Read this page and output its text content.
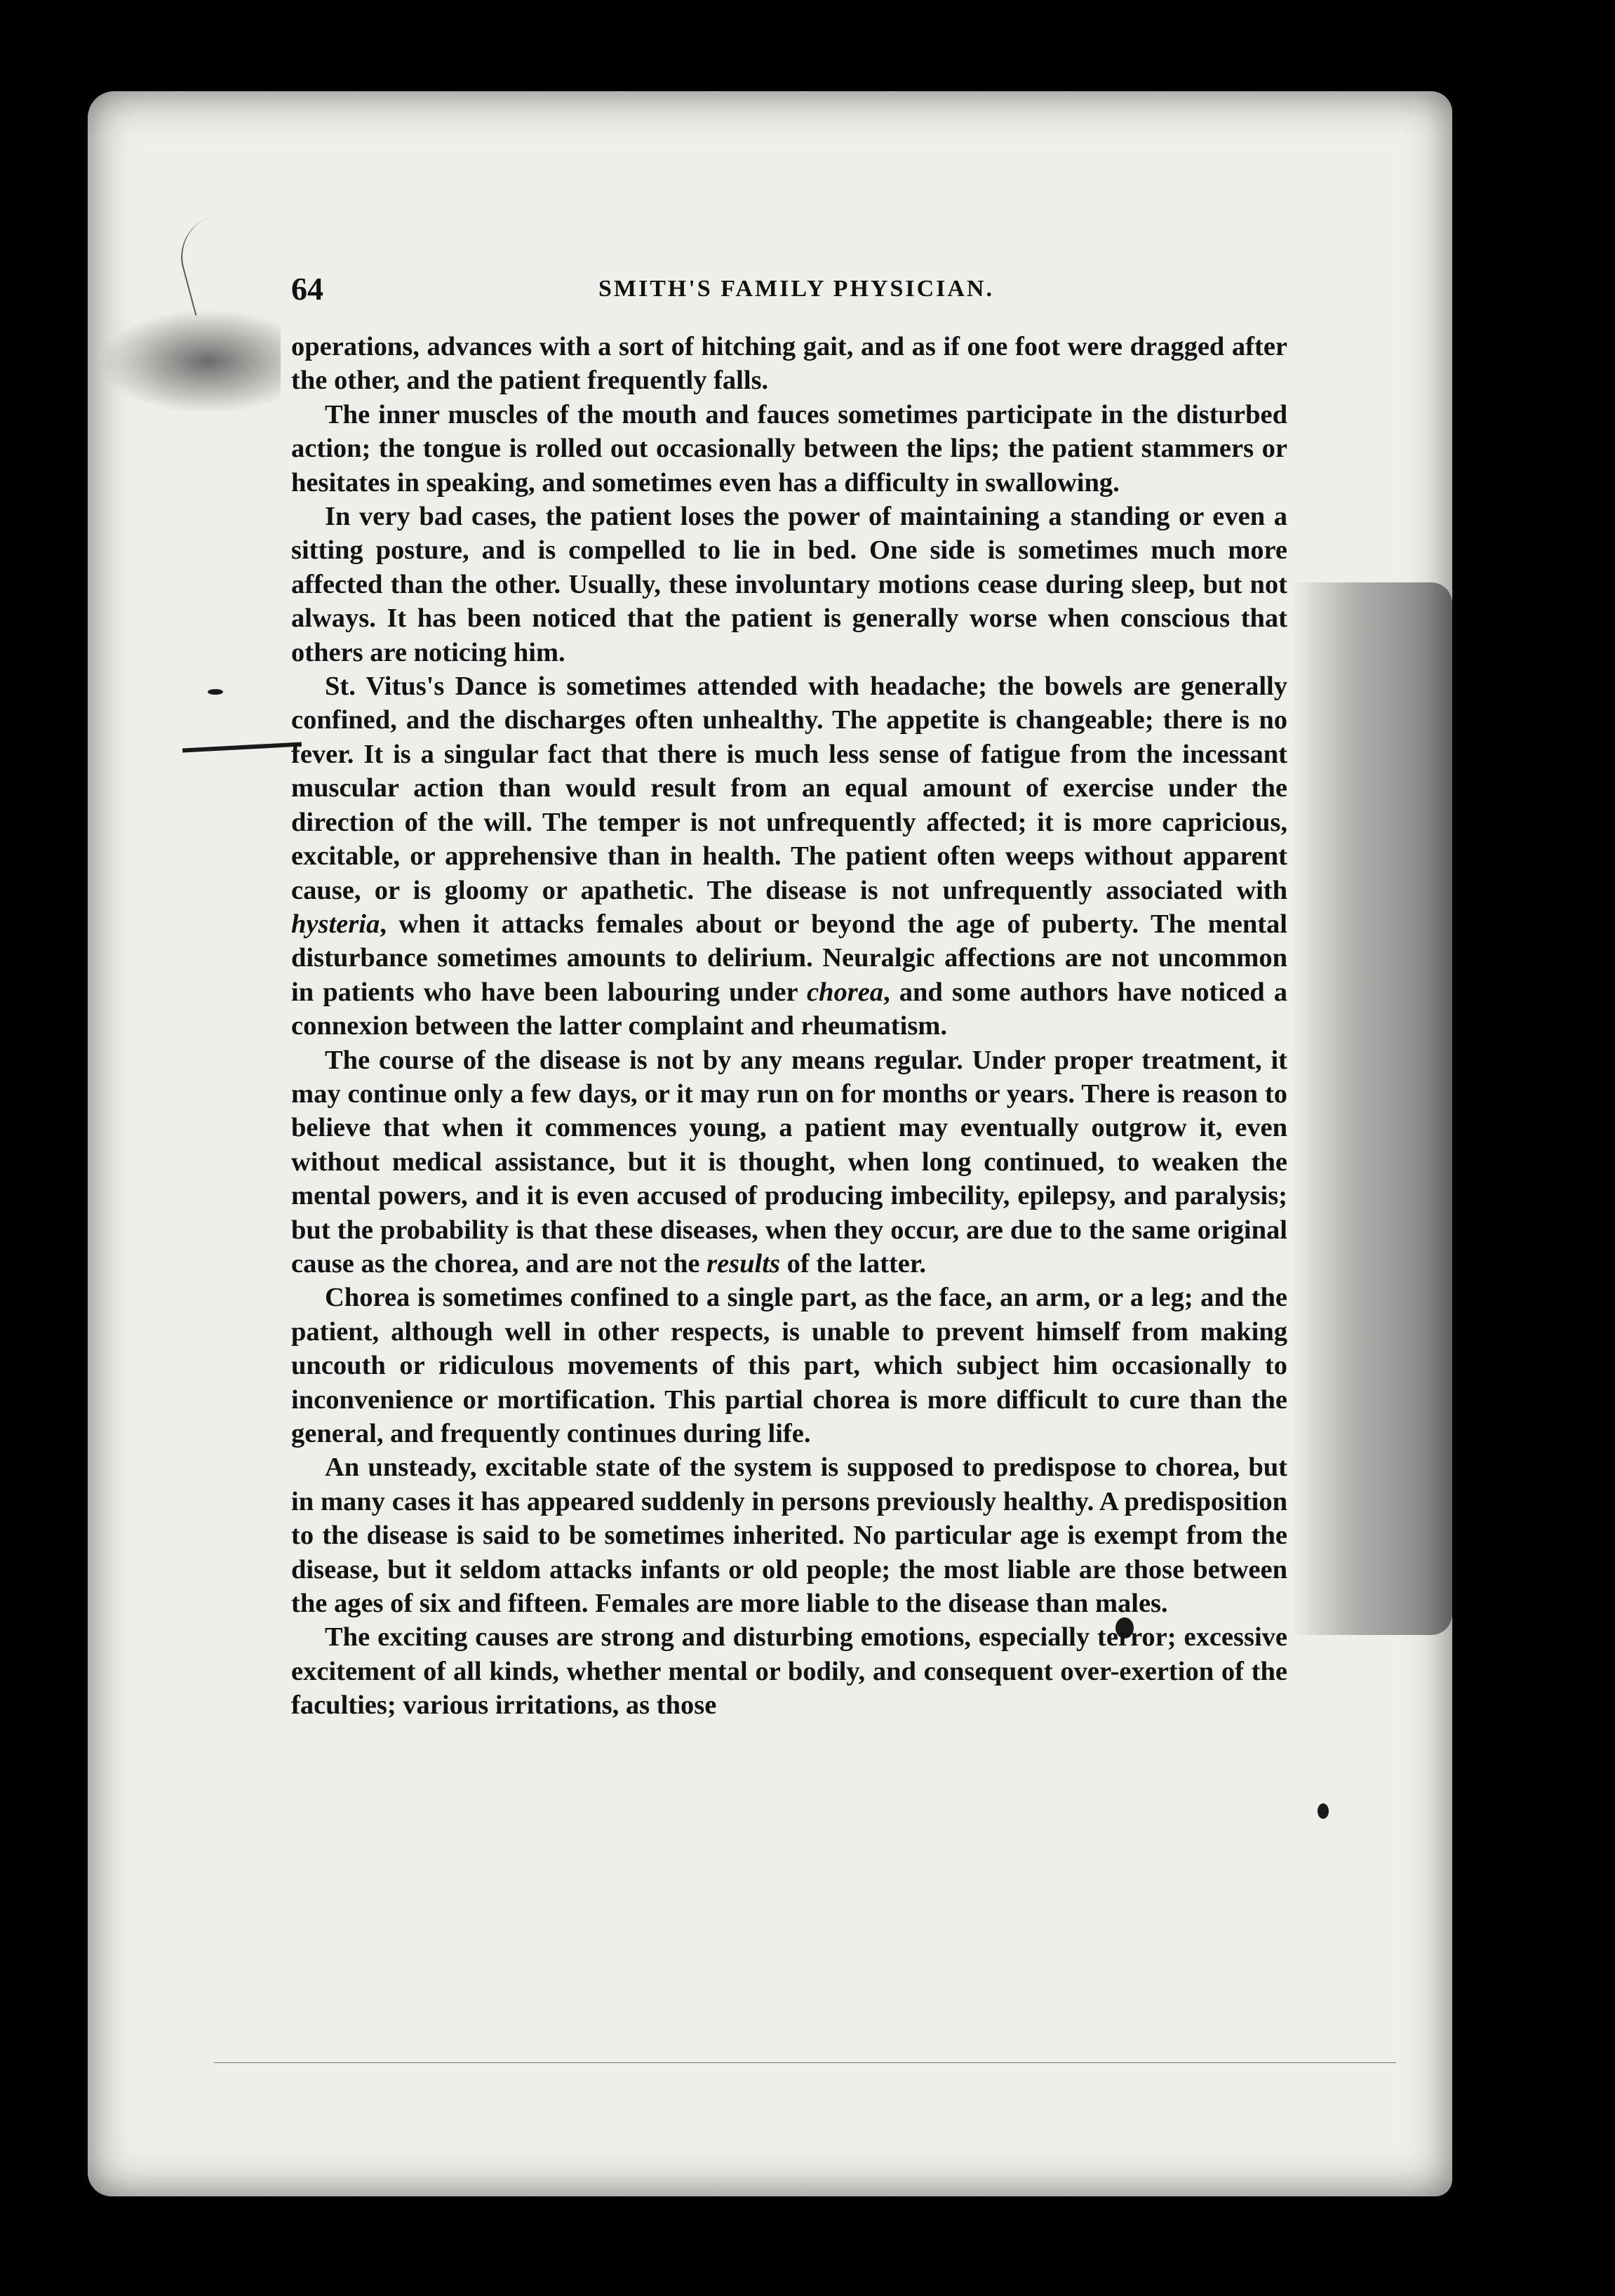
64	SMITH'S FAMILY PHYSICIAN.

operations, advances with a sort of hitching gait, and as if one foot were dragged after the other, and the patient frequently falls.

The inner muscles of the mouth and fauces sometimes participate in the disturbed action; the tongue is rolled out occasionally between the lips; the patient stammers or hesitates in speaking, and sometimes even has a difficulty in swallowing.

In very bad cases, the patient loses the power of maintaining a standing or even a sitting posture, and is compelled to lie in bed. One side is sometimes much more affected than the other. Usually, these involuntary motions cease during sleep, but not always. It has been noticed that the patient is generally worse when conscious that others are noticing him.

St. Vitus's Dance is sometimes attended with headache; the bowels are generally confined, and the discharges often unhealthy. The appetite is changeable; there is no fever. It is a singular fact that there is much less sense of fatigue from the incessant muscular action than would result from an equal amount of exercise under the direction of the will. The temper is not unfrequently affected; it is more capricious, excitable, or apprehensive than in health. The patient often weeps without apparent cause, or is gloomy or apathetic. The disease is not unfrequently associated with hysteria, when it attacks females about or beyond the age of puberty. The mental disturbance sometimes amounts to delirium. Neuralgic affections are not uncommon in patients who have been labouring under chorea, and some authors have noticed a connexion between the latter complaint and rheumatism.

The course of the disease is not by any means regular. Under proper treatment, it may continue only a few days, or it may run on for months or years. There is reason to believe that when it commences young, a patient may eventually outgrow it, even without medical assistance, but it is thought, when long continued, to weaken the mental powers, and it is even accused of producing imbecility, epilepsy, and paralysis; but the probability is that these diseases, when they occur, are due to the same original cause as the chorea, and are not the results of the latter.

Chorea is sometimes confined to a single part, as the face, an arm, or a leg; and the patient, although well in other respects, is unable to prevent himself from making uncouth or ridiculous movements of this part, which subject him occasionally to inconvenience or mortification. This partial chorea is more difficult to cure than the general, and frequently continues during life.

An unsteady, excitable state of the system is supposed to predispose to chorea, but in many cases it has appeared suddenly in persons previously healthy. A predisposition to the disease is said to be sometimes inherited. No particular age is exempt from the disease, but it seldom attacks infants or old people; the most liable are those between the ages of six and fifteen. Females are more liable to the disease than males.

The exciting causes are strong and disturbing emotions, especially terror; excessive excitement of all kinds, whether mental or bodily, and consequent over-exertion of the faculties; various irritations, as those
